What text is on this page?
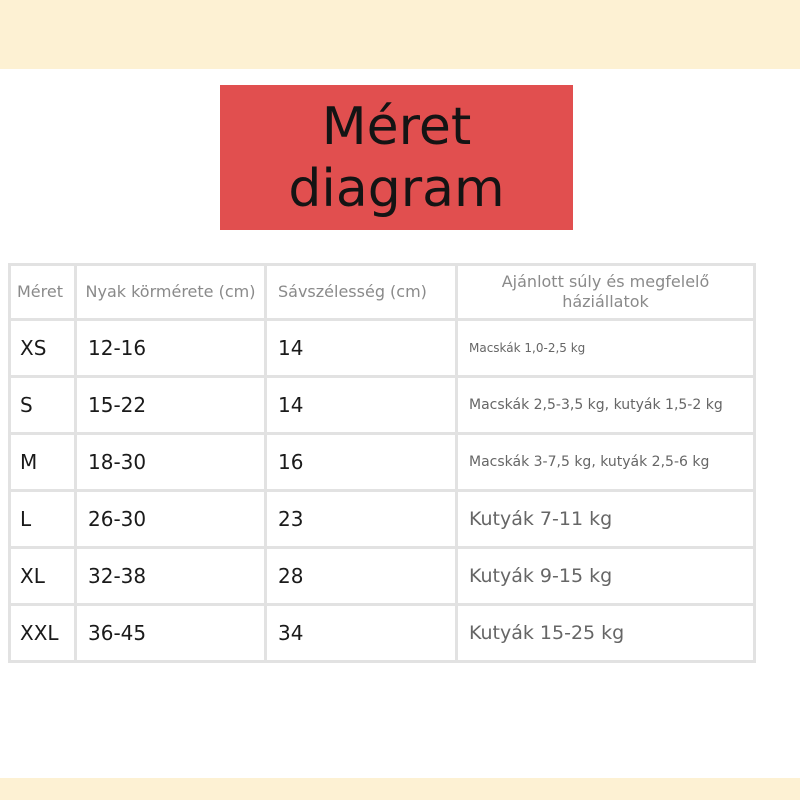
Méret
diagram
Méret	Nyak körmérete (cm)	Sávszélesség (cm)	Ajánlott súly és megfelelő háziállatok
XS	12-16	14	Macskák 1,0-2,5 kg
S	15-22	14	Macskák 2,5-3,5 kg, kutyák 1,5-2 kg
M	18-30	16	Macskák 3-7,5 kg, kutyák 2,5-6 kg
L	26-30	23	Kutyák 7-11 kg
XL	32-38	28	Kutyák 9-15 kg
XXL	36-45	34	Kutyák 15-25 kg
